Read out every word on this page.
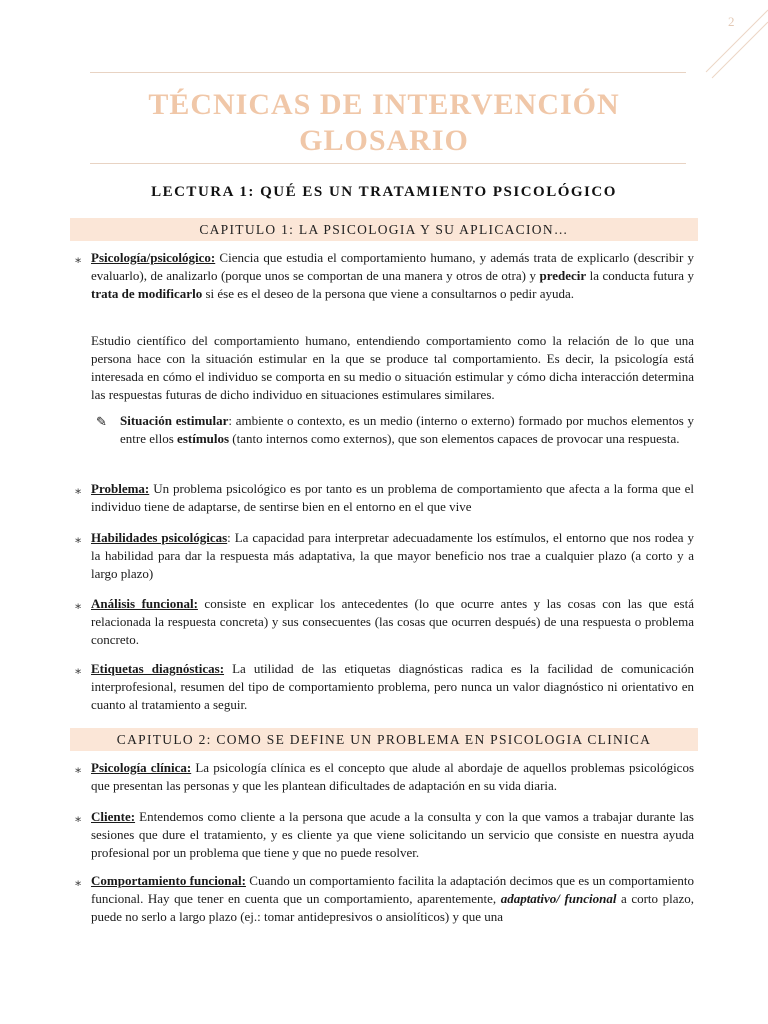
2
TÉCNICAS DE INTERVENCIÓN
GLOSARIO
LECTURA 1: QUÉ ES UN TRATAMIENTO PSICOLÓGICO
CAPITULO 1: LA PSICOLOGIA Y SU APLICACION…
∗ Psicología/psicológico: Ciencia que estudia el comportamiento humano, y además trata de explicarlo (describir y evaluarlo), de analizarlo (porque unos se comportan de una manera y otros de otra) y predecir la conducta futura y trata de modificarlo si ése es el deseo de la persona que viene a consultarnos o pedir ayuda.
Estudio científico del comportamiento humano, entendiendo comportamiento como la relación de lo que una persona hace con la situación estimular en la que se produce tal comportamiento. Es decir, la psicología está interesada en cómo el individuo se comporta en su medio o situación estimular y cómo dicha interacción determina las respuestas futuras de dicho individuo en situaciones estimulares similares.
✎ Situación estimular: ambiente o contexto, es un medio (interno o externo) formado por muchos elementos y entre ellos estímulos (tanto internos como externos), que son elementos capaces de provocar una respuesta.
∗ Problema: Un problema psicológico es por tanto es un problema de comportamiento que afecta a la forma que el individuo tiene de adaptarse, de sentirse bien en el entorno en el que vive
∗ Habilidades psicológicas: La capacidad para interpretar adecuadamente los estímulos, el entorno que nos rodea y la habilidad para dar la respuesta más adaptativa, la que mayor beneficio nos trae a cualquier plazo (a corto y a largo plazo)
∗ Análisis funcional: consiste en explicar los antecedentes (lo que ocurre antes y las cosas con las que está relacionada la respuesta concreta) y sus consecuentes (las cosas que ocurren después) de una respuesta o problema concreto.
∗ Etiquetas diagnósticas: La utilidad de las etiquetas diagnósticas radica es la facilidad de comunicación interprofesional, resumen del tipo de comportamiento problema, pero nunca un valor diagnóstico ni orientativo en cuanto al tratamiento a seguir.
CAPITULO 2: COMO SE DEFINE UN PROBLEMA EN PSICOLOGIA CLINICA
∗ Psicología clínica: La psicología clínica es el concepto que alude al abordaje de aquellos problemas psicológicos que presentan las personas y que les plantean dificultades de adaptación en su vida diaria.
∗ Cliente: Entendemos como cliente a la persona que acude a la consulta y con la que vamos a trabajar durante las sesiones que dure el tratamiento, y es cliente ya que viene solicitando un servicio que consiste en nuestra ayuda profesional por un problema que tiene y que no puede resolver.
∗ Comportamiento funcional: Cuando un comportamiento facilita la adaptación decimos que es un comportamiento funcional. Hay que tener en cuenta que un comportamiento, aparentemente, adaptativo/ funcional a corto plazo, puede no serlo a largo plazo (ej.: tomar antidepresivos o ansiolíticos) y que una
